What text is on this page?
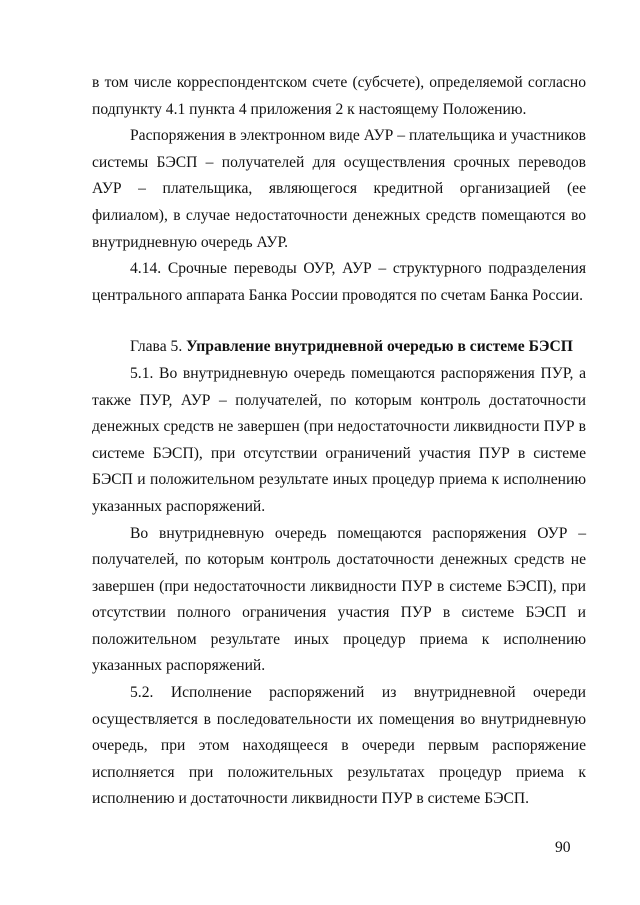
в том числе корреспондентском счете (субсчете), определяемой согласно подпункту 4.1 пункта 4 приложения 2 к настоящему Положению.

Распоряжения в электронном виде АУР – плательщика и участников системы БЭСП – получателей для осуществления срочных переводов АУР – плательщика, являющегося кредитной организацией (ее филиалом), в случае недостаточности денежных средств помещаются во внутридневную очередь АУР.

4.14. Срочные переводы ОУР, АУР – структурного подразделения центрального аппарата Банка России проводятся по счетам Банка России.

Глава 5. Управление внутридневной очередью в системе БЭСП

5.1. Во внутридневную очередь помещаются распоряжения ПУР, а также ПУР, АУР – получателей, по которым контроль достаточности денежных средств не завершен (при недостаточности ликвидности ПУР в системе БЭСП), при отсутствии ограничений участия ПУР в системе БЭСП и положительном результате иных процедур приема к исполнению указанных распоряжений.

Во внутридневную очередь помещаются распоряжения ОУР – получателей, по которым контроль достаточности денежных средств не завершен (при недостаточности ликвидности ПУР в системе БЭСП), при отсутствии полного ограничения участия ПУР в системе БЭСП и положительном результате иных процедур приема к исполнению указанных распоряжений.

5.2. Исполнение распоряжений из внутридневной очереди осуществляется в последовательности их помещения во внутридневную очередь, при этом находящееся в очереди первым распоряжение исполняется при положительных результатах процедур приема к исполнению и достаточности ликвидности ПУР в системе БЭСП.

90
